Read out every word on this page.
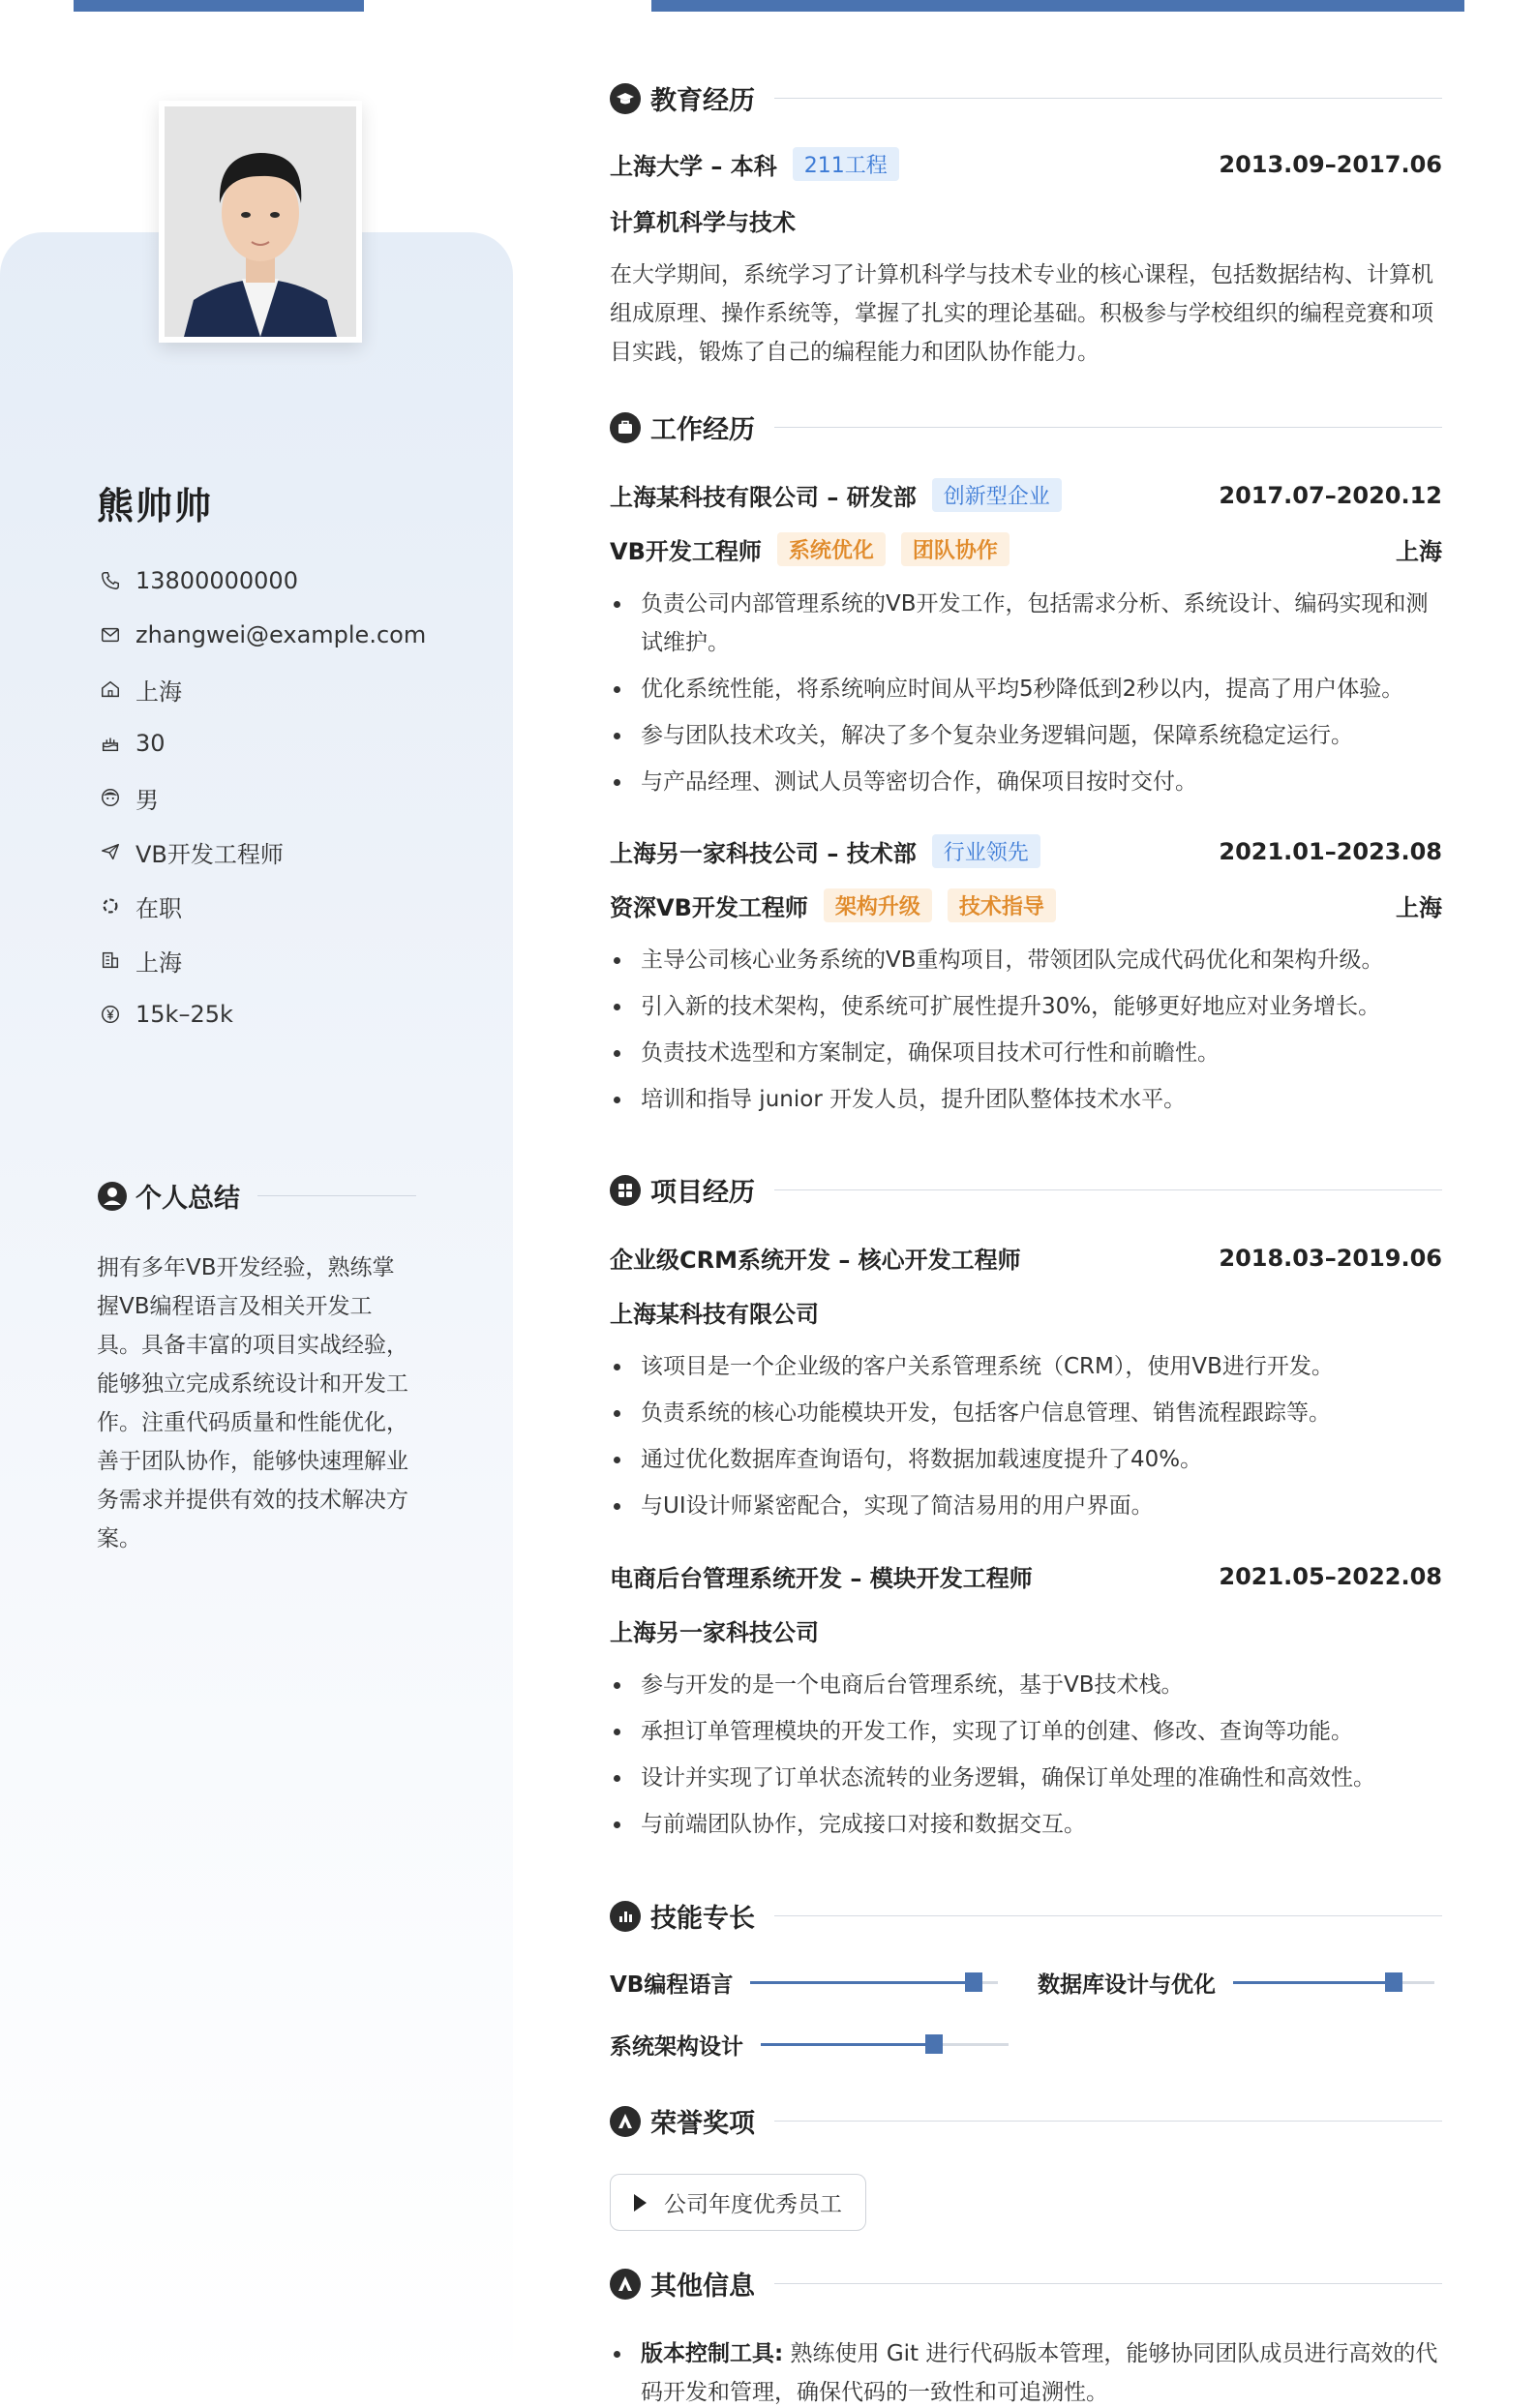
熊帅帅
13800000000
zhangwei@example.com
上海
30
男
VB开发工程师
在职
上海
15k–25k
个人总结
拥有多年VB开发经验，熟练掌握VB编程语言及相关开发工具。具备丰富的项目实战经验，能够独立完成系统设计和开发工作。注重代码质量和性能优化，善于团队协作，能够快速理解业务需求并提供有效的技术解决方案。
教育经历
上海大学 – 本科	211工程	2013.09–2017.06
计算机科学与技术
在大学期间，系统学习了计算机科学与技术专业的核心课程，包括数据结构、计算机组成原理、操作系统等，掌握了扎实的理论基础。积极参与学校组织的编程竞赛和项目实践，锻炼了自己的编程能力和团队协作能力。
工作经历
上海某科技有限公司 – 研发部	创新型企业	2017.07–2020.12
VB开发工程师	系统优化	团队协作	上海
负责公司内部管理系统的VB开发工作，包括需求分析、系统设计、编码实现和测试维护。
优化系统性能，将系统响应时间从平均5秒降低到2秒以内，提高了用户体验。
参与团队技术攻关，解决了多个复杂业务逻辑问题，保障系统稳定运行。
与产品经理、测试人员等密切合作，确保项目按时交付。
上海另一家科技公司 – 技术部	行业领先	2021.01–2023.08
资深VB开发工程师	架构升级	技术指导	上海
主导公司核心业务系统的VB重构项目，带领团队完成代码优化和架构升级。
引入新的技术架构，使系统可扩展性提升30%，能够更好地应对业务增长。
负责技术选型和方案制定，确保项目技术可行性和前瞻性。
培训和指导 junior 开发人员，提升团队整体技术水平。
项目经历
企业级CRM系统开发 – 核心开发工程师	2018.03–2019.06
上海某科技有限公司
该项目是一个企业级的客户关系管理系统（CRM），使用VB进行开发。
负责系统的核心功能模块开发，包括客户信息管理、销售流程跟踪等。
通过优化数据库查询语句，将数据加载速度提升了40%。
与UI设计师紧密配合，实现了简洁易用的用户界面。
电商后台管理系统开发 – 模块开发工程师	2021.05–2022.08
上海另一家科技公司
参与开发的是一个电商后台管理系统，基于VB技术栈。
承担订单管理模块的开发工作，实现了订单的创建、修改、查询等功能。
设计并实现了订单状态流转的业务逻辑，确保订单处理的准确性和高效性。
与前端团队协作，完成接口对接和数据交互。
技能专长
VB编程语言	数据库设计与优化
系统架构设计
荣誉奖项
公司年度优秀员工
其他信息
版本控制工具: 熟练使用 Git 进行代码版本管理，能够协同团队成员进行高效的代码开发和管理，确保代码的一致性和可追溯性。
